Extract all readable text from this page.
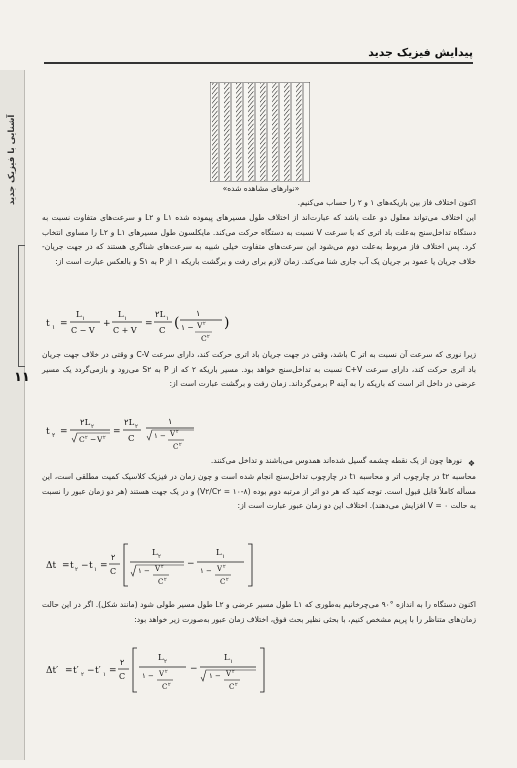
پیدایش فیزیک جدید
آشنایی با فیزیک جدید
۱۱
«نوارهای مشاهده شده»

اکنون اختلاف فاز بین باریکه‌های ۱ و ۲ را حساب می‌کنیم.

این اختلاف می‌تواند معلول دو علت باشد که عبارت‌اند از اختلاف طول مسیرهای پیموده شده L۱ و L۲ و سرعت‌های متفاوت نسبت به دستگاه تداخل‌سنج به‌علت باد اتری که با سرعت V نسبت به دستگاه حرکت می‌کند. مایکلسون طول مسیرهای L۱ و L۲ را مساوی انتخاب کرد. پس اختلاف فاز مربوط به‌علت دوم می‌شود این سرعت‌های متفاوت خیلی شبیه به سرعت‌های شناگری هستند که در جهت جریان- خلاف جریان یا عمود بر جریان یک آب جاری شنا می‌کند. زمان لازم برای رفت و برگشت باریکه ۱ از P به S۱ و بالعکس عبارت است از:

t ۱ =
L ۱
C − V
+
L ۱
C + V
=
۲L ۱
C (
۱
۱ − V ۲
C ۲
)

زیرا نوری که سرعت آن نسبت به اتر C باشد، وقتی در جهت جریان باد اتری حرکت کند، دارای سرعت C-V و وقتی در خلاف جهت جریان باد اتری حرکت کند، دارای سرعت C+V نسبت به تداخل‌سنج خواهد بود. مسیر باریکه ۲ که از P به S۲ می‌رود و بازمی‌گردد یک مسیر عرضی در داخل اتر است که باریکه را به آینه P برمی‌گرداند. زمان رفت و برگشت عبارت است از:

t ۲ =
۲L ۲
C ۲ − V ۲
=
۲L ۲
C
۱
۱ − V ۲
C ۲
❖

نورها چون از یک نقطه چشمه گسیل شده‌اند همدوس می‌باشند و تداخل می‌کنند.

محاسبه t۲ در چارچوب اتر و محاسبه t۱ در چارچوب تداخل‌سنج انجام شده است و چون زمان در فیزیک کلاسیک کمیت مطلقی است، این مسأله کاملاً قابل قبول است. توجه کنید که هر دو اثر از مرتبه دوم بوده (V۲/C۲ = ۱۰-۸) و در یک جهت هستند (هر دو زمان عبور را نسبت به حالت V = ۰ افزایش می‌دهند). اختلاف این دو زمان عبور عبارت است از:

Δt = t ۲ − t ۱ =
۲
C
L ۲
۱ − V ۲
C ۲
−
L ۱
۱ − V ۲
C ۲

اکنون دستگاه را به اندازه °۹۰ می‌چرخانیم به‌طوری که L۱ طول مسیر عرضی و L۲ طول مسیر طولی شود (مانند شکل). اگر در این حالت زمان‌های متناظر را با پریم مشخص کنیم، با بحثی نظیر بحث فوق، اختلاف زمان عبور به‌صورت زیر خواهد بود:

Δt′ = t′ ۲ − t′ ۱ =
۲
C
L ۲
۱ − V ۲
C ۲
−
L ۱
۱ − V ۲
C ۲
